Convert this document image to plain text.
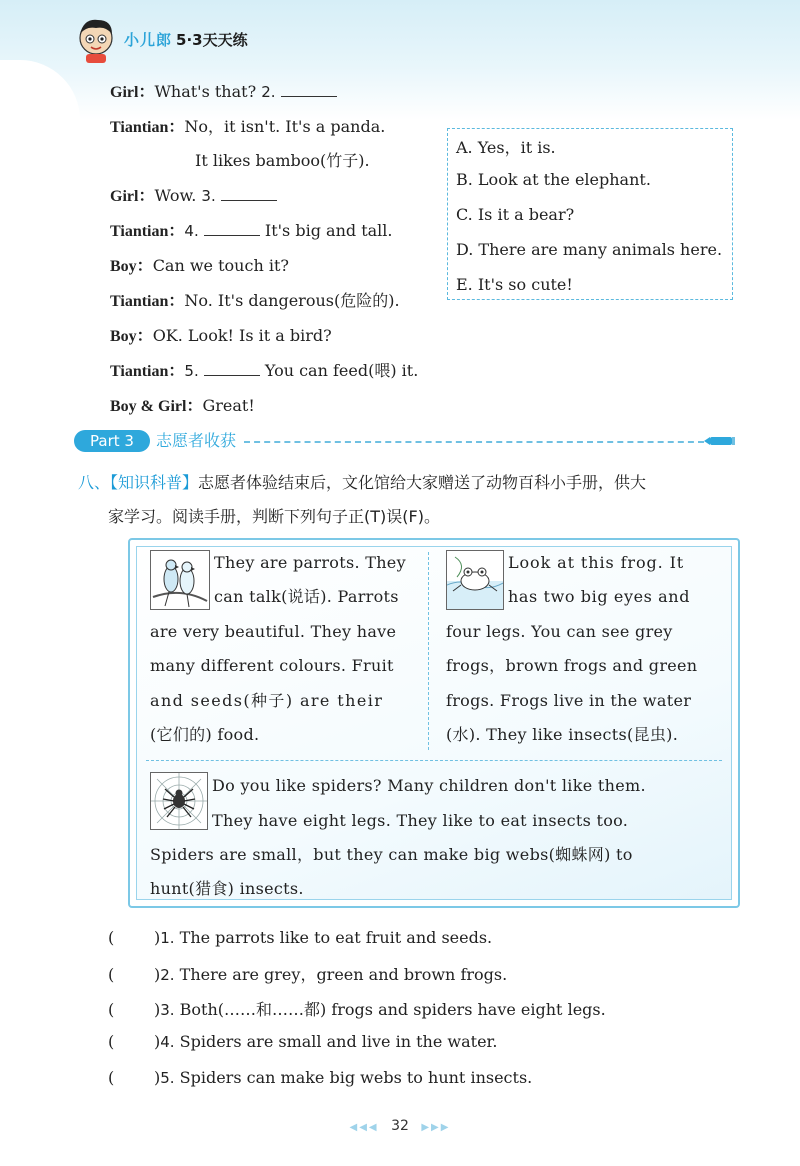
小儿郎 5·3天天练
Girl：What's that? 2.
Tiantian：No，it isn't. It's a panda.
It likes bamboo(竹子).
Girl：Wow. 3.
Tiantian：4.	It's big and tall.
Boy：Can we touch it?
Tiantian：No. It's dangerous(危险的).
Boy：OK. Look! Is it a bird?
Tiantian：5.	You can feed(喂) it.
Boy & Girl：Great!
A. Yes，it is.
B. Look at the elephant.
C. Is it a bear?
D. There are many animals here.
E. It's so cute!
Part 3	志愿者收获
八、【知识科普】志愿者体验结束后，文化馆给大家赠送了动物百科小手册，供大
家学习。阅读手册，判断下列句子正(T)误(F)。
They are parrots. They
can talk(说话). Parrots
are very beautiful. They have
many different colours. Fruit
and seeds(种子) are their
(它们的) food.
Look at this frog. It
has two big eyes and
four legs. You can see grey
frogs，brown frogs and green
frogs. Frogs live in the water
(水). They like insects(昆虫).
Do you like spiders? Many children don't like them.
They have eight legs. They like to eat insects too.
Spiders are small，but they can make big webs(蜘蛛网) to
hunt(猎食) insects.
( )1. The parrots like to eat fruit and seeds.
( )2. There are grey，green and brown frogs.
( )3. Both(……和……都) frogs and spiders have eight legs.
( )4. Spiders are small and live in the water.
( )5. Spiders can make big webs to hunt insects.
◀◀◀ 32 ▶▶▶
